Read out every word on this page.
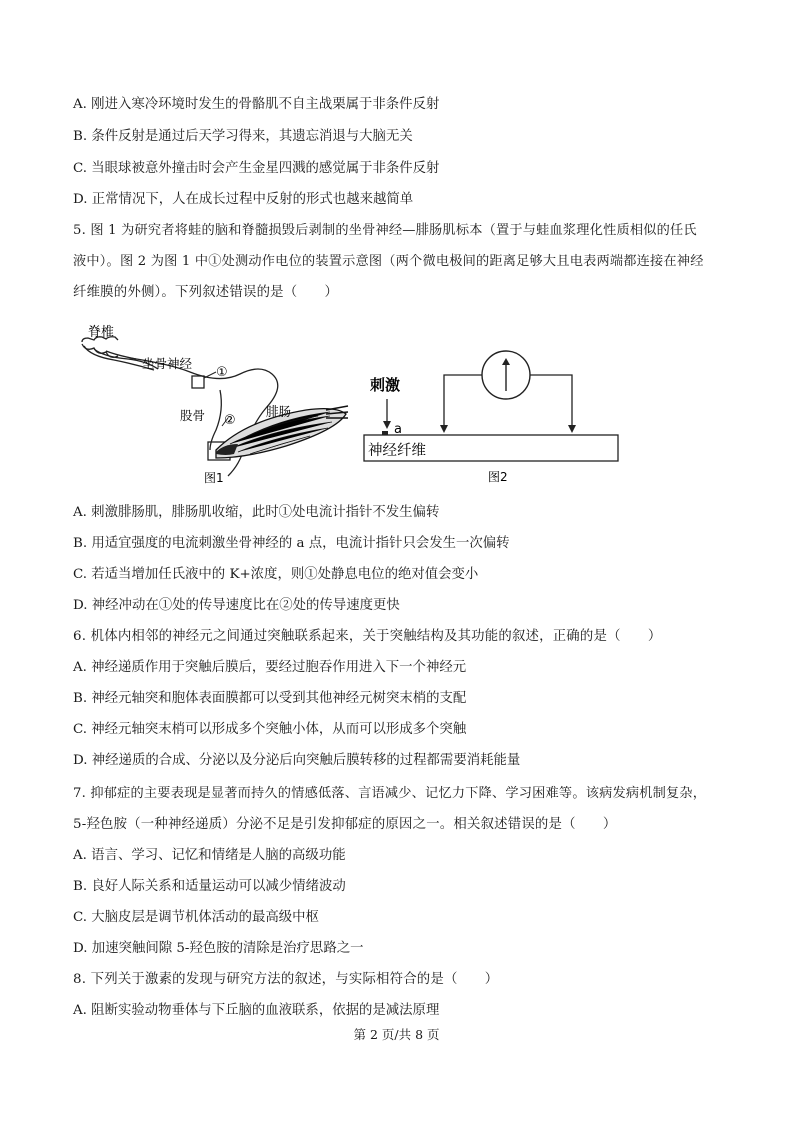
A. 刚进入寒冷环境时发生的骨骼肌不自主战栗属于非条件反射
B. 条件反射是通过后天学习得来，其遗忘消退与大脑无关
C. 当眼球被意外撞击时会产生金星四溅的感觉属于非条件反射
D. 正常情况下，人在成长过程中反射的形式也越来越简单
5. 图 1 为研究者将蛙的脑和脊髓损毁后剥制的坐骨神经—腓肠肌标本（置于与蛙血浆理化性质相似的任氏
液中）。图 2 为图 1 中①处测动作电位的装置示意图（两个微电极间的距离足够大且电表两端都连接在神经
纤维膜的外侧）。下列叙述错误的是（　　）
脊椎
坐骨神经
①
股骨 ②
腓肠
图1
刺激
a
神经纤维
图2
A. 刺激腓肠肌，腓肠肌收缩，此时①处电流计指针不发生偏转
B. 用适宜强度的电流刺激坐骨神经的 a 点，电流计指针只会发生一次偏转
C. 若适当增加任氏液中的 K+浓度，则①处静息电位的绝对值会变小
D. 神经冲动在①处的传导速度比在②处的传导速度更快
6. 机体内相邻的神经元之间通过突触联系起来，关于突触结构及其功能的叙述，正确的是（　　）
A. 神经递质作用于突触后膜后，要经过胞吞作用进入下一个神经元
B. 神经元轴突和胞体表面膜都可以受到其他神经元树突末梢的支配
C. 神经元轴突末梢可以形成多个突触小体，从而可以形成多个突触
D. 神经递质的合成、分泌以及分泌后向突触后膜转移的过程都需要消耗能量
7. 抑郁症的主要表现是显著而持久的情感低落、言语减少、记忆力下降、学习困难等。该病发病机制复杂，
5-羟色胺（一种神经递质）分泌不足是引发抑郁症的原因之一。相关叙述错误的是（　　）
A. 语言、学习、记忆和情绪是人脑的高级功能
B. 良好人际关系和适量运动可以减少情绪波动
C. 大脑皮层是调节机体活动的最高级中枢
D. 加速突触间隙 5-羟色胺的清除是治疗思路之一
8. 下列关于激素的发现与研究方法的叙述，与实际相符合的是（　　）
A. 阻断实验动物垂体与下丘脑的血液联系，依据的是减法原理
第 2 页/共 8 页
